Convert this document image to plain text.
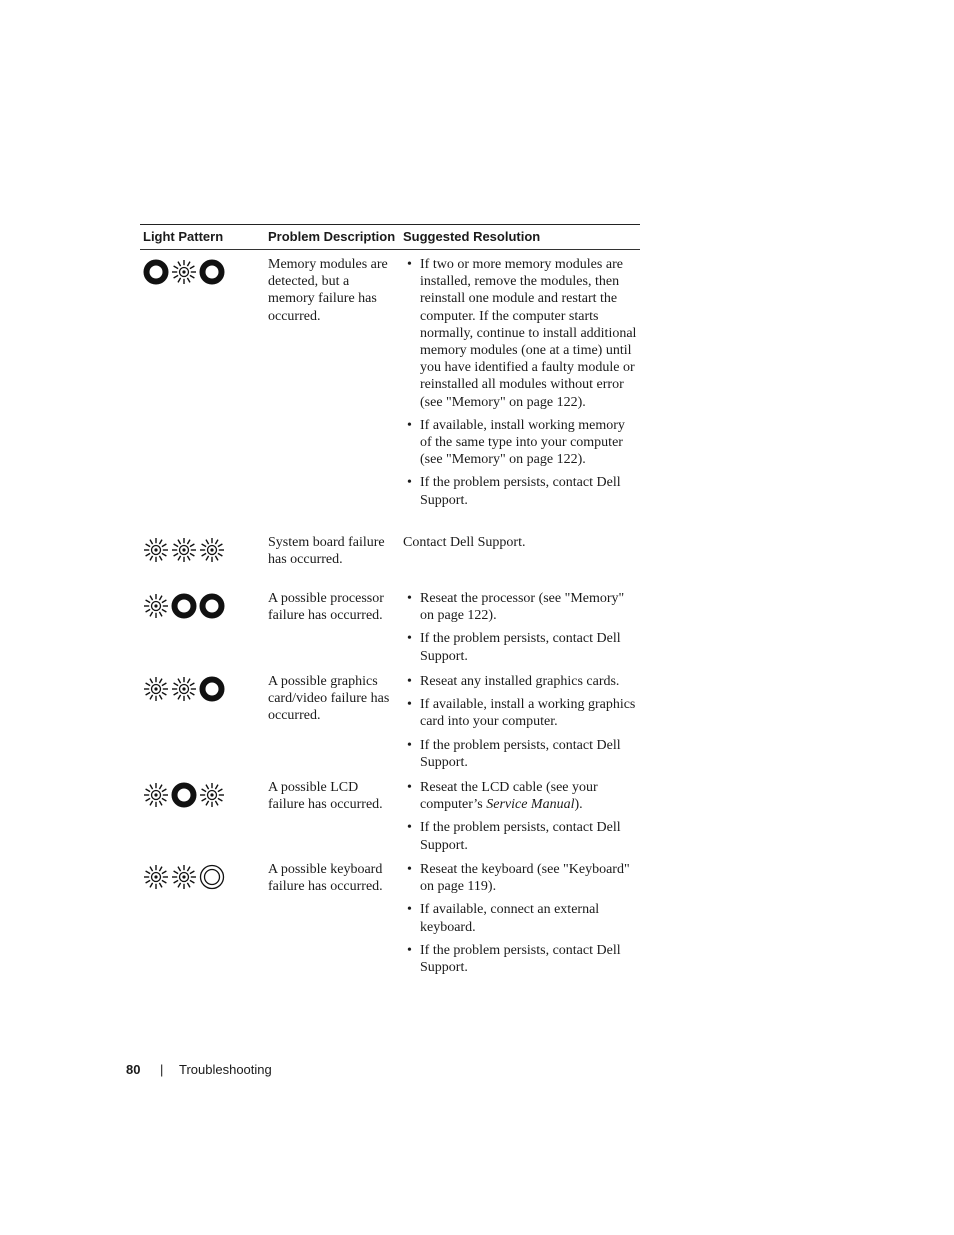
Light Pattern	Problem Description Suggested Resolution
Memory modules are detected, but a memory failure has occurred.
• If two or more memory modules are installed, remove the modules, then reinstall one module and restart the computer. If the computer starts normally, continue to install additional memory modules (one at a time) until you have identified a faulty module or reinstalled all modules without error (see "Memory" on page 122).
• If available, install working memory of the same type into your computer (see "Memory" on page 122).
• If the problem persists, contact Dell Support.
System board failure has occurred.
Contact Dell Support.
A possible processor failure has occurred.
• Reseat the processor (see "Memory" on page 122).
• If the problem persists, contact Dell Support.
A possible graphics card/video failure has occurred.
• Reseat any installed graphics cards.
• If available, install a working graphics card into your computer.
• If the problem persists, contact Dell Support.
A possible LCD failure has occurred.
• Reseat the LCD cable (see your computer’s Service Manual).
• If the problem persists, contact Dell Support.
A possible keyboard failure has occurred.
• Reseat the keyboard (see "Keyboard" on page 119).
• If available, connect an external keyboard.
• If the problem persists, contact Dell Support.
80 | Troubleshooting
